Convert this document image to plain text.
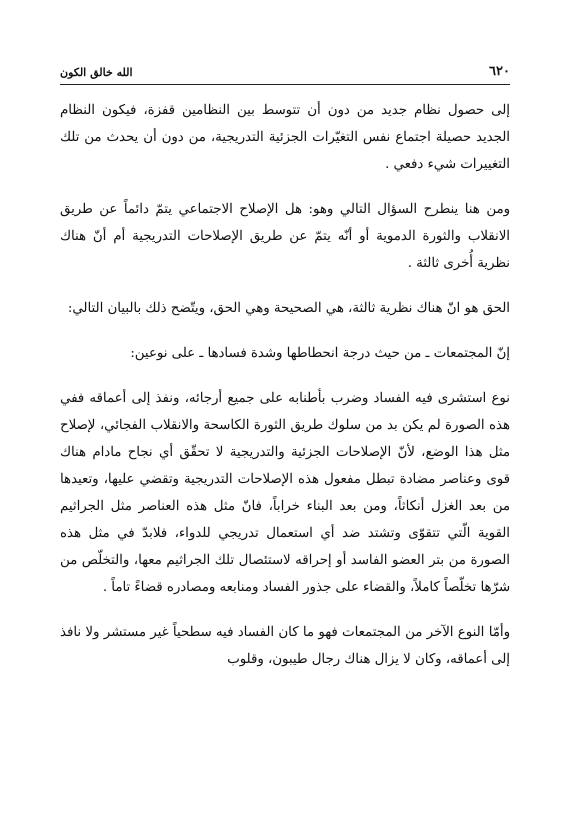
٦٢٠
الله خالق الكون

إلى حصول نظام جديد من دون أن تتوسط بين النظامين قفزة، فيكون النظام الجديد حصيلة اجتماع نفس التغيّرات الجزئية التدريجية، من دون أن يحدث من تلك التغييرات شيء دفعي .

ومن هنا ينطرح السؤال التالي وهو: هل الإصلاح الاجتماعي يتمّ دائماً عن طريق الانقلاب والثورة الدموية أو أنّه يتمّ عن طريق الإصلاحات التدريجية أم أنّ هناك نظرية أُخرى ثالثة .

الحق هو انّ هناك نظرية ثالثة، هي الصحيحة وهي الحق، ويتّضح ذلك بالبيان التالي:

إنّ المجتمعات ـ من حيث درجة انحطاطها وشدة فسادها ـ على نوعين:

نوع استشرى فيه الفساد وضرب بأطنابه على جميع أرجائه، ونفذ إلى أعماقه ففي هذه الصورة لم يكن بد من سلوك طريق الثورة الكاسحة والانقلاب الفجائي، لإصلاح مثل هذا الوضع، لأنّ الإصلاحات الجزئية والتدريجية لا تحقّق أي نجاح مادام هناك قوى وعناصر مضادة تبطل مفعول هذه الإصلاحات التدريجية وتقضي عليها، وتعيدها من بعد الغزل أنكاثاً، ومن بعد البناء خراباً، فانّ مثل هذه العناصر مثل الجراثيم القوية الّتي تتقوّى وتشتد ضد أي استعمال تدريجي للدواء، فلابدّ في مثل هذه الصورة من بتر العضو الفاسد أو إحراقه لاستئصال تلك الجراثيم معها، والتخلّص من شرّها تخلّصاً كاملاً، والقضاء على جذور الفساد ومنابعه ومصادره قضاءً تاماً .

وأمّا النوع الآخر من المجتمعات فهو ما كان الفساد فيه سطحياً غير مستشر ولا نافذ إلى أعماقه، وكان لا يزال هناك رجال طيبون، وقلوب
